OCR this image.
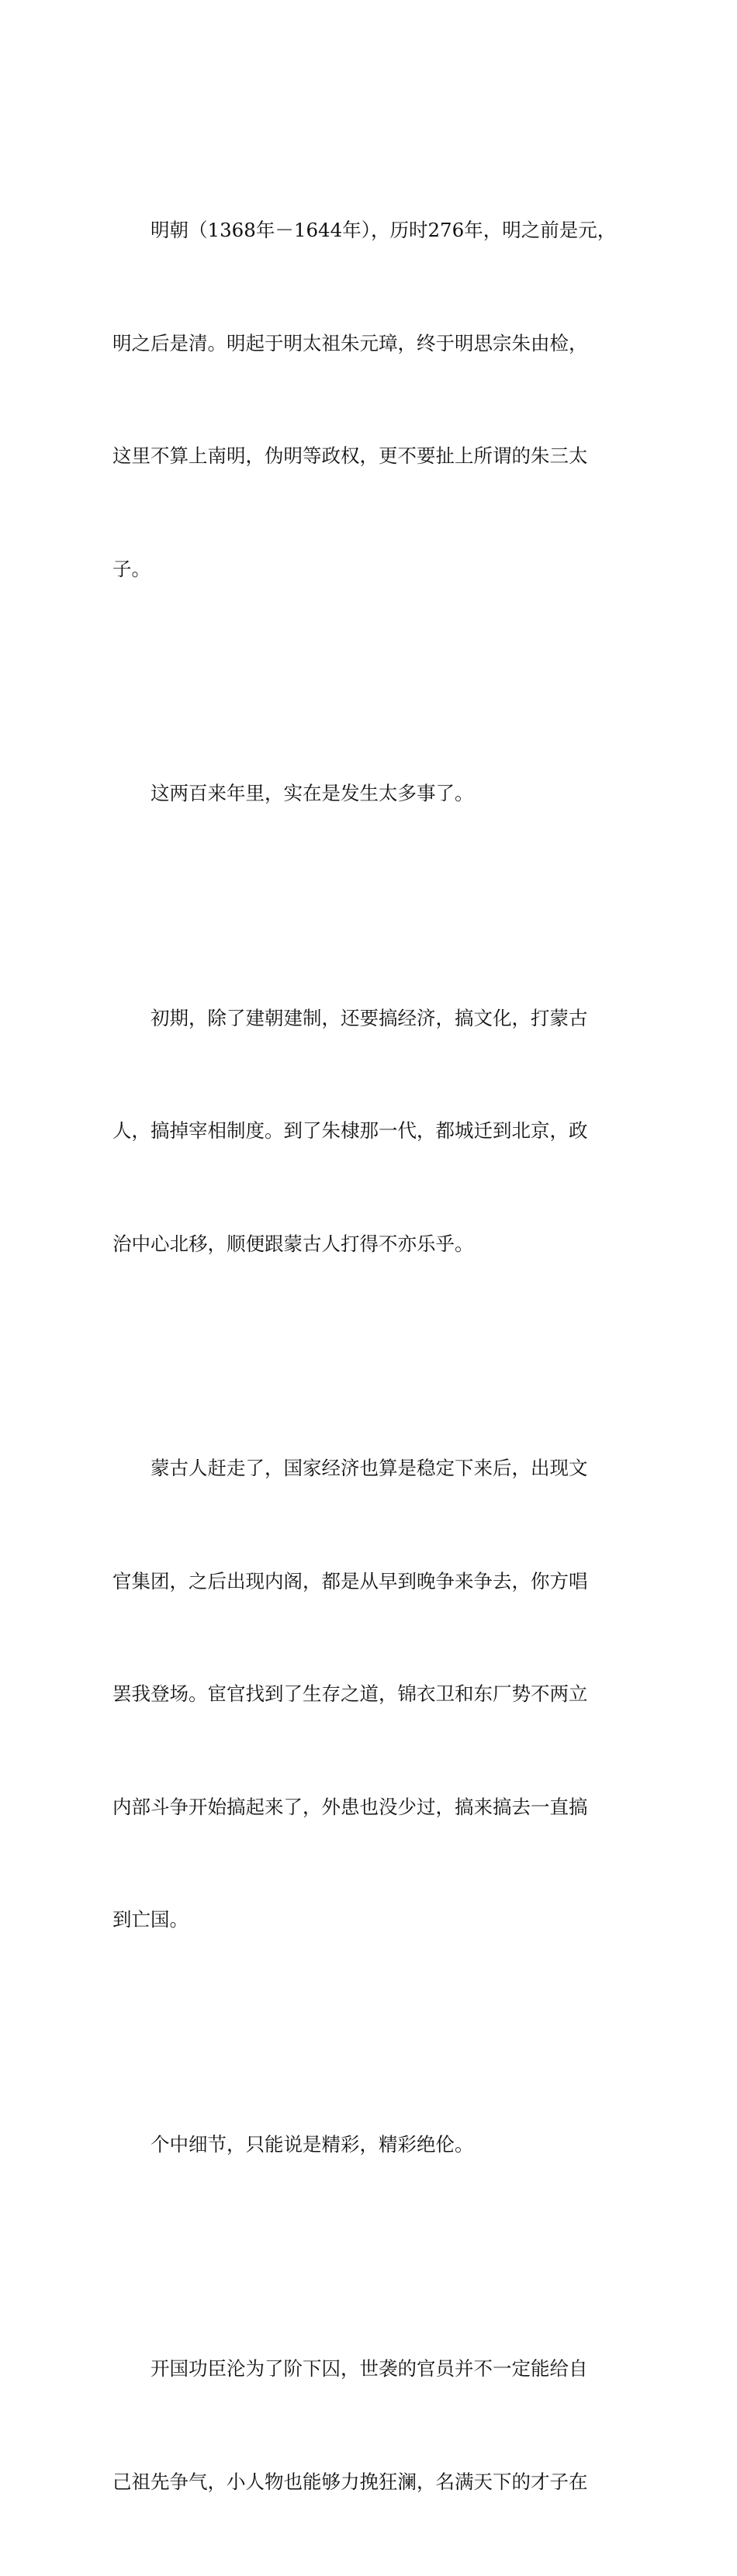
明朝（1368年－1644年），历时276年，明之前是元，

明之后是清。明起于明太祖朱元璋，终于明思宗朱由检，

这里不算上南明，伪明等政权，更不要扯上所谓的朱三太

子。

这两百来年里，实在是发生太多事了。

初期，除了建朝建制，还要搞经济，搞文化，打蒙古

人，搞掉宰相制度。到了朱棣那一代，都城迁到北京，政

治中心北移，顺便跟蒙古人打得不亦乐乎。

蒙古人赶走了，国家经济也算是稳定下来后，出现文

官集团，之后出现内阁，都是从早到晚争来争去，你方唱

罢我登场。宦官找到了生存之道，锦衣卫和东厂势不两立

内部斗争开始搞起来了，外患也没少过，搞来搞去一直搞

到亡国。

个中细节，只能说是精彩，精彩绝伦。

开国功臣沦为了阶下囚，世袭的官员并不一定能给自

己祖先争气，小人物也能够力挽狂澜，名满天下的才子在
